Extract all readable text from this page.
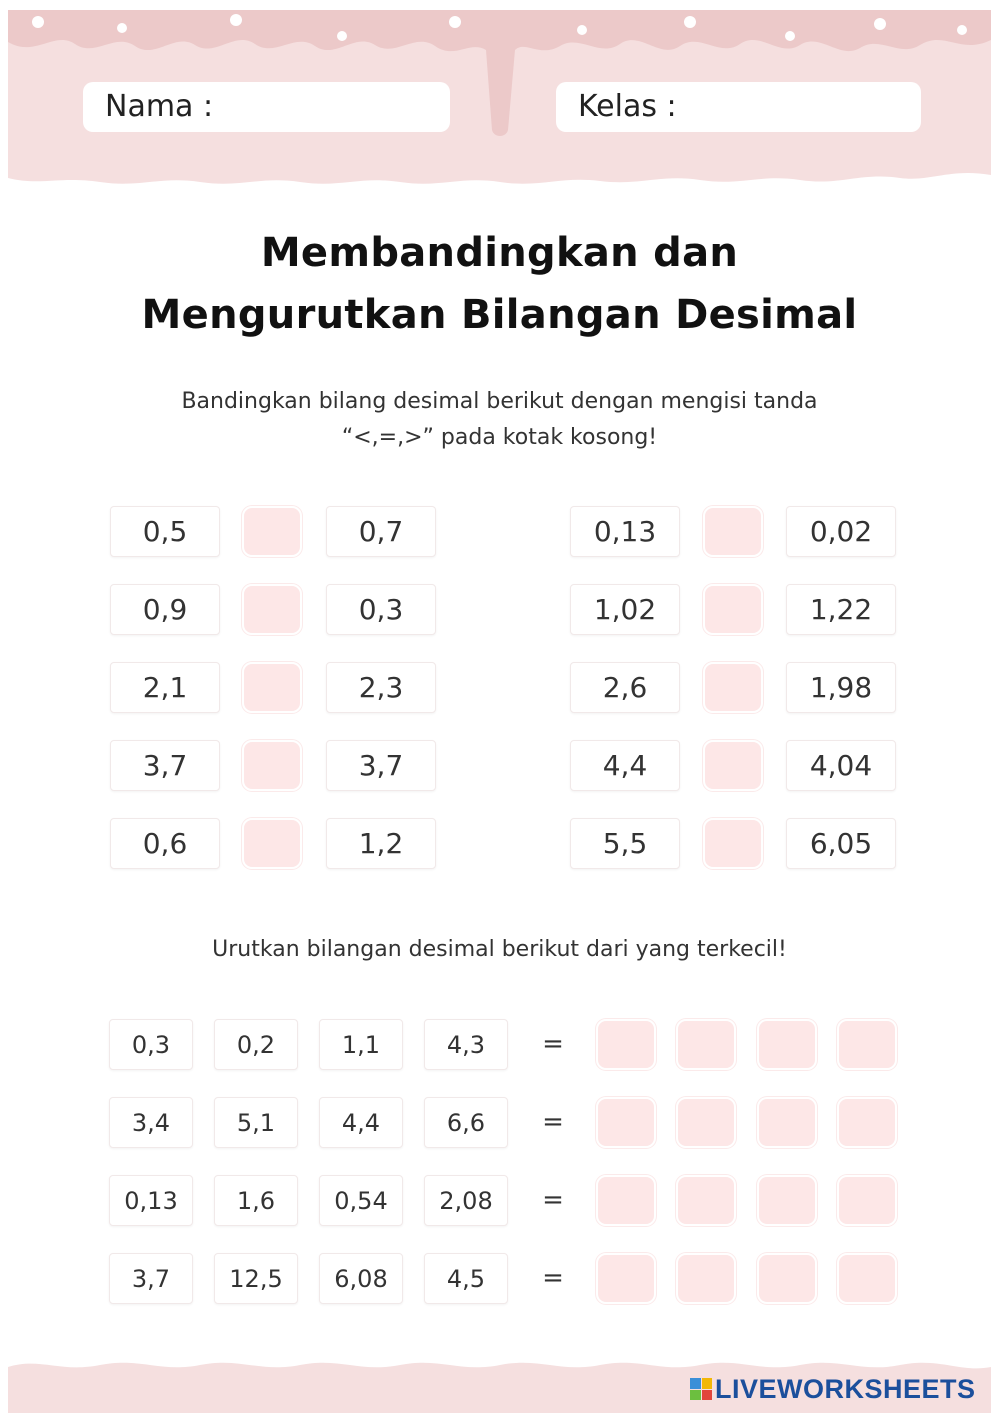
Nama :	Kelas :
Membandingkan dan
Mengurutkan Bilangan Desimal
Bandingkan bilang desimal berikut dengan mengisi tanda
“<,=,>” pada kotak kosong!
0,5	0,7
0,9	0,3
2,1	2,3
3,7	3,7
0,6	1,2
0,13	0,02
1,02	1,22
2,6	1,98
4,4	4,04
5,5	6,05
Urutkan bilangan desimal berikut dari yang terkecil!
0,3	0,2	1,1	4,3	=
3,4	5,1	4,4	6,6	=
0,13	1,6	0,54	2,08	=
3,7	12,5	6,08	4,5	=
LIVEWORKSHEETS
